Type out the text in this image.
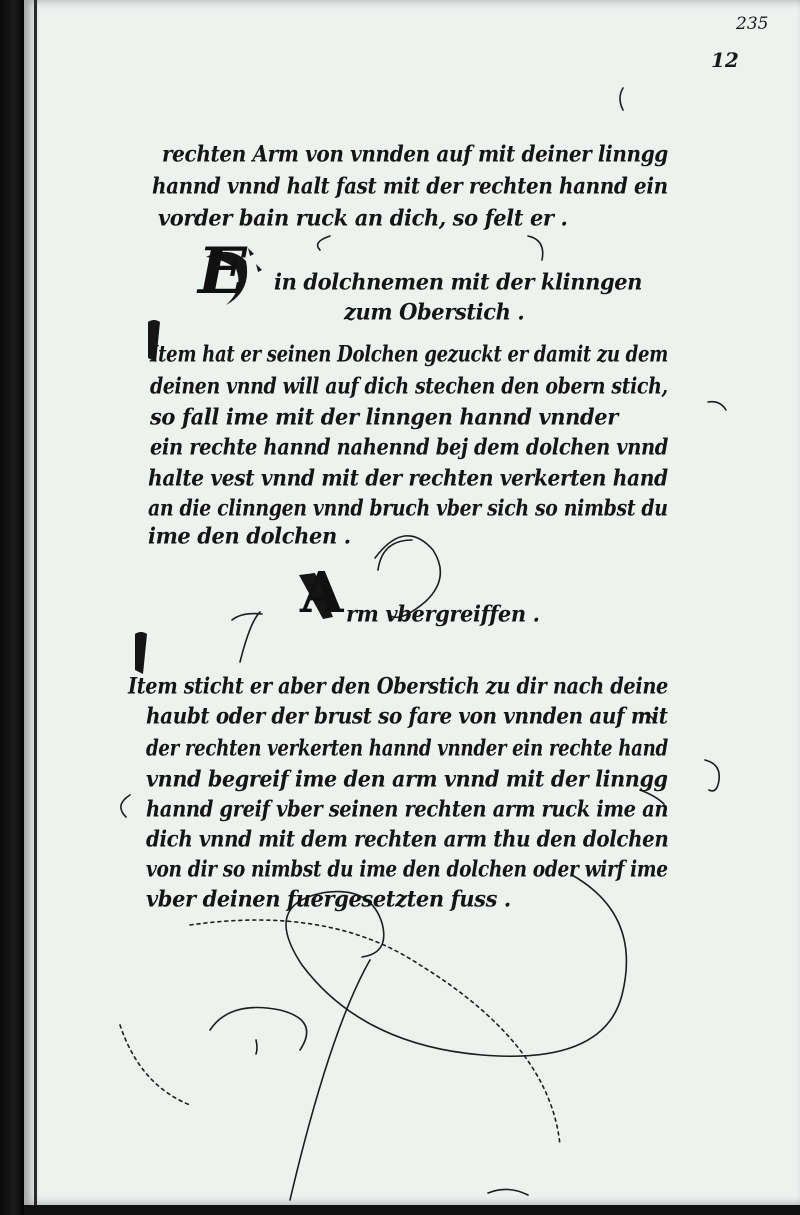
235
12
rechten Arm von vnnden auf mit deiner linngg
hannd vnnd halt fast mit der rechten hannd ein
vorder bain ruck an dich, so felt er .
E in dolchnemen mit der klinngen
zum Oberstich .
Item hat er seinen Dolchen gezuckt er damit zu dem
deinen vnnd will auf dich stechen den obern stich,
so fall ime mit der linngen hannd vnnder
ein rechte hannd nahennd bej dem dolchen vnnd
halte vest vnnd mit der rechten verkerten hand
an die clinngen vnnd bruch vber sich so nimbst du
ime den dolchen .
A rm vbergreiffen .
Item sticht er aber den Oberstich zu dir nach deine
haubt oder der brust so fare von vnnden auf mit
der rechten verkerten hannd vnnder ein rechte hand
vnnd begreif ime den arm vnnd mit der linngg
hannd greif vber seinen rechten arm ruck ime an
dich vnnd mit dem rechten arm thu den dolchen
von dir so nimbst du ime den dolchen oder wirf ime
vber deinen fuergesetzten fuss .
